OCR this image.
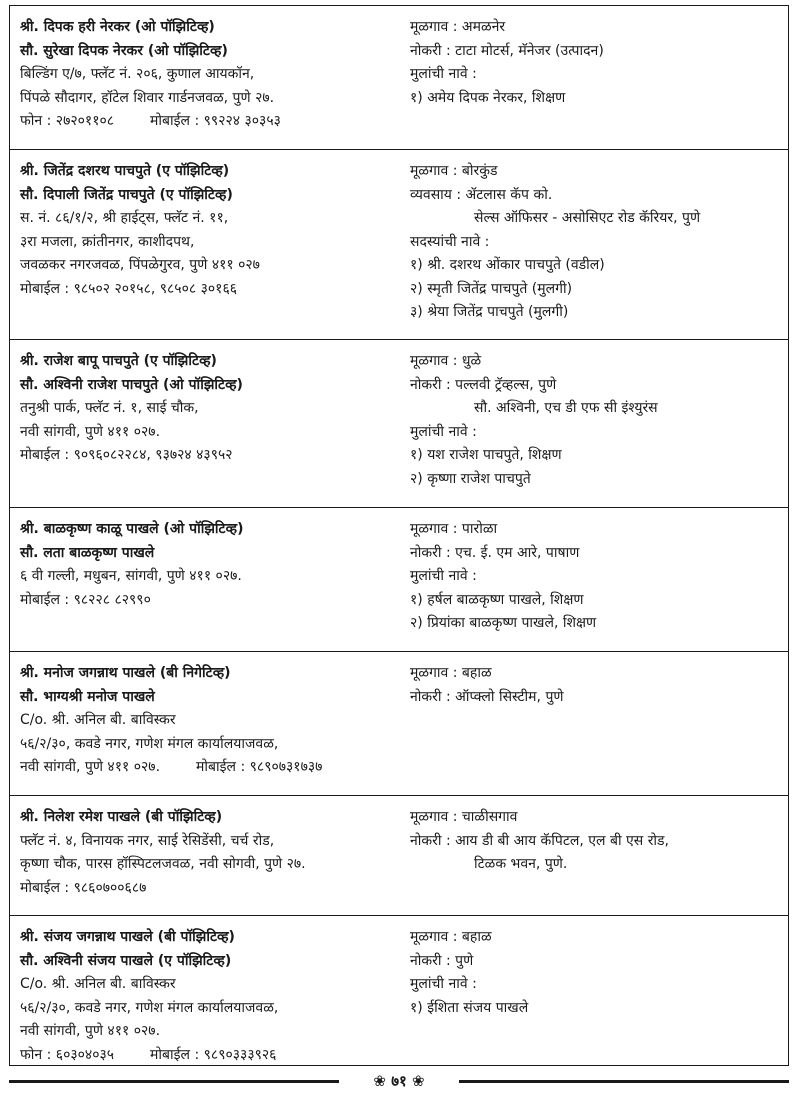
श्री. दिपक हरी नेरकर (ओ पॉझिटिव्ह)
सौ. सुरेखा दिपक नेरकर (ओ पॉझिटिव्ह)
बिल्डिंग ए/७, फ्लॅट नं. २०६, कुणाल आयकॉन,
पिंपळे सौदागर, हॉटेल शिवार गार्डनजवळ, पुणे २७.
फोन : २७२०११०८	मोबाईल : ९९२२४ ३०३५३
मूळगाव : अमळनेर
नोकरी : टाटा मोटर्स, मॅनेजर (उत्पादन)
मुलांची नावे :
१) अमेय दिपक नेरकर, शिक्षण
श्री. जितेंद्र दशरथ पाचपुते (ए पॉझिटिव्ह)
सौ. दिपाली जितेंद्र पाचपुते (ए पॉझिटिव्ह)
स. नं. ८६/१/२, श्री हाईट्स, फ्लॅट नं. ११,
३रा मजला, क्रांतीनगर, काशीदपथ,
जवळकर नगरजवळ, पिंपळेगुरव, पुणे ४११ ०२७
मोबाईल : ९८५०२ २०१५८, ९८५०८ ३०१६६
मूळगाव : बोरकुंड
व्यवसाय : ॲटलास कॅप को.
सेल्स ऑफिसर - असोसिएट रोड कॅरियर, पुणे
सदस्यांची नावे :
१) श्री. दशरथ ओंकार पाचपुते (वडील)
२) स्मृती जितेंद्र पाचपुते (मुलगी)
३) श्रेया जितेंद्र पाचपुते (मुलगी)
श्री. राजेश बापू पाचपुते (ए पॉझिटिव्ह)
सौ. अश्विनी राजेश पाचपुते (ओ पॉझिटिव्ह)
तनुश्री पार्क, फ्लॅट नं. १, साई चौक,
नवी सांगवी, पुणे ४११ ०२७.
मोबाईल : ९०९६०८२२८४, ९३७२४ ४३९५२
मूळगाव : धुळे
नोकरी : पल्लवी ट्रॅव्हल्स, पुणे
सौ. अश्विनी, एच डी एफ सी इंश्युरंस
मुलांची नावे :
१) यश राजेश पाचपुते, शिक्षण
२) कृष्णा राजेश पाचपुते
श्री. बाळकृष्ण काळू पाखले (ओ पॉझिटिव्ह)
सौ. लता बाळकृष्ण पाखले
६ वी गल्ली, मधुबन, सांगवी, पुणे ४११ ०२७.
मोबाईल : ९८२२८ ८२९९०
मूळगाव : पारोळा
नोकरी : एच. ई. एम आरे, पाषाण
मुलांची नावे :
१) हर्षल बाळकृष्ण पाखले, शिक्षण
२) प्रियांका बाळकृष्ण पाखले, शिक्षण
श्री. मनोज जगन्नाथ पाखले (बी निगेटिव्ह)
सौ. भाग्यश्री मनोज पाखले
C/o. श्री. अनिल बी. बाविस्कर
५६/२/३०, कवडे नगर, गणेश मंगल कार्यालयाजवळ,
नवी सांगवी, पुणे ४११ ०२७.	मोबाईल : ९८९०७३१७३७
मूळगाव : बहाळ
नोकरी : ऑप्क्लो सिस्टीम, पुणे
श्री. निलेश रमेश पाखले (बी पॉझिटिव्ह)
फ्लॅट नं. ४, विनायक नगर, साई रेसिडेंसी, चर्च रोड,
कृष्णा चौक, पारस हॉस्पिटलजवळ, नवी सोगवी, पुणे २७.
मोबाईल : ९८६०७००६८७
मूळगाव : चाळीसगाव
नोकरी : आय डी बी आय कॅपिटल, एल बी एस रोड,
टिळक भवन, पुणे.
श्री. संजय जगन्नाथ पाखले (बी पॉझिटिव्ह)
सौ. अश्विनी संजय पाखले (ए पॉझिटिव्ह)
C/o. श्री. अनिल बी. बाविस्कर
५६/२/३०, कवडे नगर, गणेश मंगल कार्यालयाजवळ,
नवी सांगवी, पुणे ४११ ०२७.
फोन : ६०३०४०३५	मोबाईल : ९८९०३३३९२६
मूळगाव : बहाळ
नोकरी : पुणे
मुलांची नावे :
१) ईशिता संजय पाखले
❀ ७१ ❀
